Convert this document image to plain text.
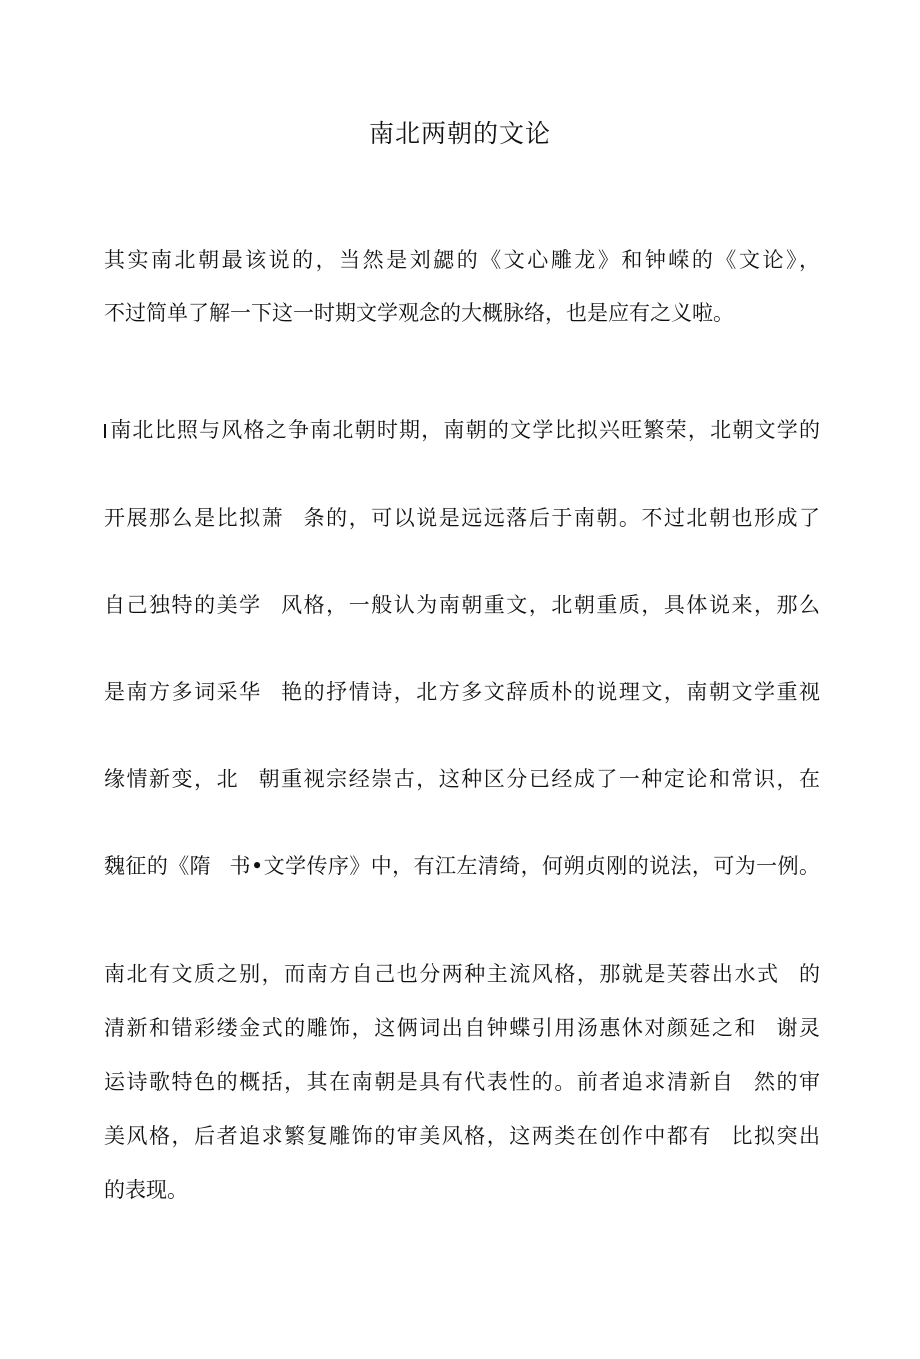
南北两朝的文论
其实南北朝最该说的，当然是刘勰的《文心雕龙》和钟嵘的《文论》，
不过简单了解一下这一时期文学观念的大概脉络，也是应有之义啦。
南北比照与风格之争南北朝时期，南朝的文学比拟兴旺繁荣，北朝文学的
开展那么是比拟萧 条的，可以说是远远落后于南朝。不过北朝也形成了
自己独特的美学 风格，一般认为南朝重文，北朝重质，具体说来，那么
是南方多词采华 艳的抒情诗，北方多文辞质朴的说理文，南朝文学重视
缘情新变，北 朝重视宗经崇古，这种区分已经成了一种定论和常识，在
魏征的《隋 书•文学传序》中，有江左清绮，何朔贞刚的说法，可为一例。
南北有文质之别，而南方自己也分两种主流风格，那就是芙蓉出水式 的
清新和错彩缕金式的雕饰，这俩词出自钟蝶引用汤惠休对颜延之和 谢灵
运诗歌特色的概括，其在南朝是具有代表性的。前者追求清新自 然的审
美风格，后者追求繁复雕饰的审美风格，这两类在创作中都有 比拟突出
的表现。
